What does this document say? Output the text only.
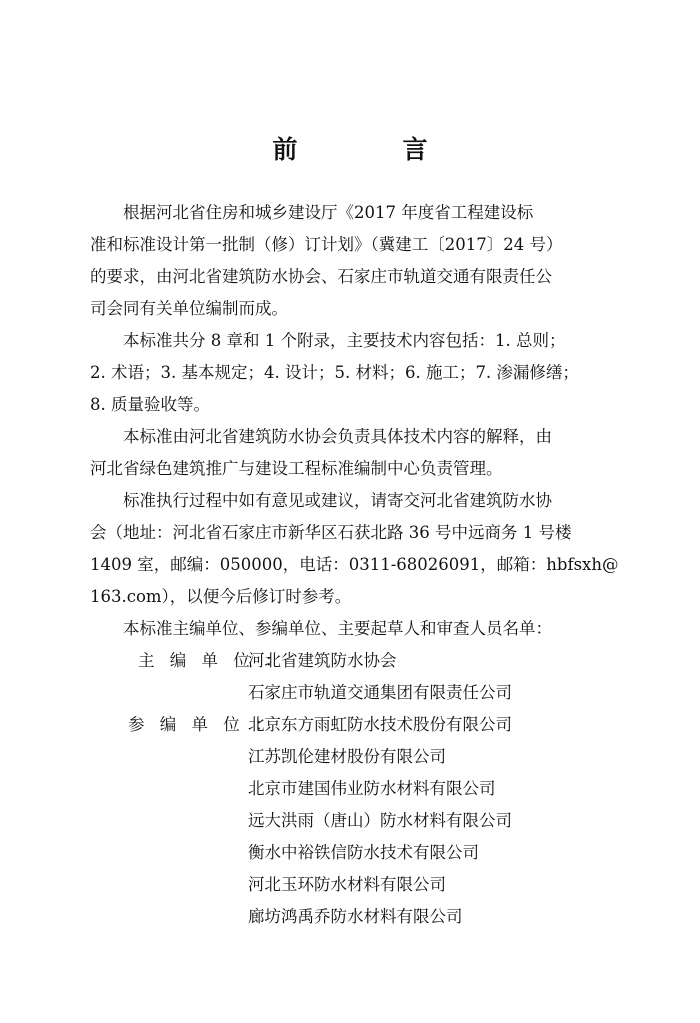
前　言

根据河北省住房和城乡建设厅《2017 年度省工程建设标
准和标准设计第一批制（修）订计划》（冀建工〔2017〕24 号）
的要求，由河北省建筑防水协会、石家庄市轨道交通有限责任公
司会同有关单位编制而成。

本标准共分 8 章和 1 个附录，主要技术内容包括：1. 总则；
2. 术语；3. 基本规定；4. 设计；5. 材料；6. 施工；7. 渗漏修缮；
8. 质量验收等。

本标准由河北省建筑防水协会负责具体技术内容的解释，由
河北省绿色建筑推广与建设工程标准编制中心负责管理。

标准执行过程中如有意见或建议，请寄交河北省建筑防水协
会（地址：河北省石家庄市新华区石获北路 36 号中远商务 1 号楼
1409 室，邮编：050000，电话：0311-68026091，邮箱：hbfsxh@
163.com），以便今后修订时参考。

本标准主编单位、参编单位、主要起草人和审查人员名单：

主 编 单 位 ：
河北省建筑防水协会
石家庄市轨道交通集团有限责任公司
参 编 单 位 ：
北京东方雨虹防水技术股份有限公司
江苏凯伦建材股份有限公司
北京市建国伟业防水材料有限公司
远大洪雨（唐山）防水材料有限公司
衡水中裕铁信防水技术有限公司
河北玉环防水材料有限公司
廊坊鸿禹乔防水材料有限公司
